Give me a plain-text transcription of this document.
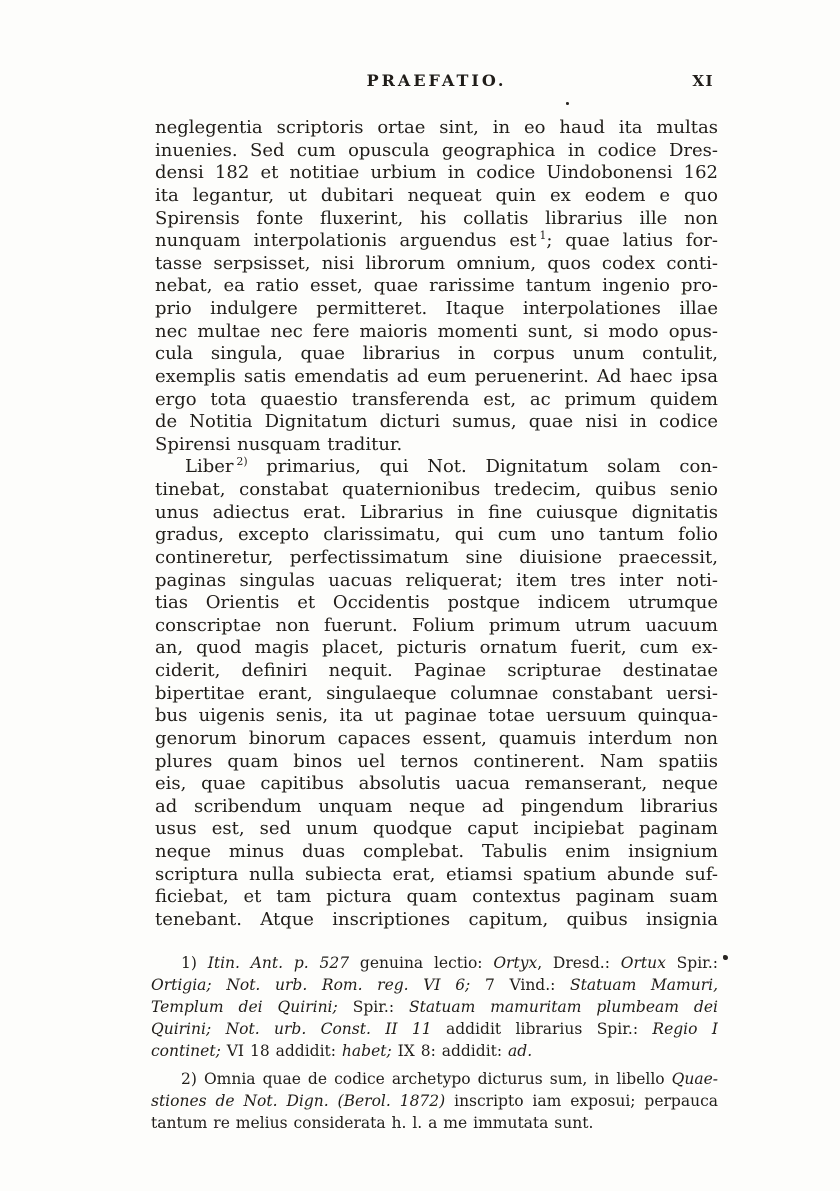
PRAEFATIO.	XI
neglegentia scriptoris ortae sint, in eo haud ita multas
inuenies. Sed cum opuscula geographica in codice Dres-
densi 182 et notitiae urbium in codice Uindobonensi 162
ita legantur, ut dubitari nequeat quin ex eodem e quo
Spirensis fonte fluxerint, his collatis librarius ille non
nunquam interpolationis arguendus est $^1$; quae latius for-
tasse serpsisset, nisi librorum omnium, quos codex conti-
nebat, ea ratio esset, quae rarissime tantum ingenio pro-
prio indulgere permitteret. Itaque interpolationes illae
nec multae nec fere maioris momenti sunt, si modo opus-
cula singula, quae librarius in corpus unum contulit,
exemplis satis emendatis ad eum peruenerint. Ad haec ipsa
ergo tota quaestio transferenda est, ac primum quidem
de Notitia Dignitatum dicturi sumus, quae nisi in codice
Spirensi nusquam traditur.
Liber $^{2)}$ primarius, qui Not. Dignitatum solam con-
tinebat, constabat quaternionibus tredecim, quibus senio
unus adiectus erat. Librarius in fine cuiusque dignitatis
gradus, excepto clarissimatu, qui cum uno tantum folio
contineretur, perfectissimatum sine diuisione praecessit,
paginas singulas uacuas reliquerat; item tres inter noti-
tias Orientis et Occidentis postque indicem utrumque
conscriptae non fuerunt. Folium primum utrum uacuum
an, quod magis placet, picturis ornatum fuerit, cum ex-
ciderit, definiri nequit. Paginae scripturae destinatae
bipertitae erant, singulaeque columnae constabant uersi-
bus uigenis senis, ita ut paginae totae uersuum quinqua-
genorum binorum capaces essent, quamuis interdum non
plures quam binos uel ternos continerent. Nam spatiis
eis, quae capitibus absolutis uacua remanserant, neque
ad scribendum unquam neque ad pingendum librarius
usus est, sed unum quodque caput incipiebat paginam
neque minus duas complebat. Tabulis enim insignium
scriptura nulla subiecta erat, etiamsi spatium abunde suf-
ficiebat, et tam pictura quam contextus paginam suam
tenebant. Atque inscriptiones capitum, quibus insignia
1) Itin. Ant. p. 527 genuina lectio: Ortyx, Dresd.: Ortux Spir.:
Ortigia; Not. urb. Rom. reg. VI 6; 7 Vind.: Statuam Mamuri,
Templum dei Quirini; Spir.: Statuam mamuritam plumbeam dei
Quirini; Not. urb. Const. II 11 addidit librarius Spir.: Regio I
continet; VI 18 addidit: habet; IX 8: addidit: ad.
2) Omnia quae de codice archetypo dicturus sum, in libello Quae-
stiones de Not. Dign. (Berol. 1872) inscripto iam exposui; perpauca
tantum re melius considerata h. l. a me immutata sunt.
